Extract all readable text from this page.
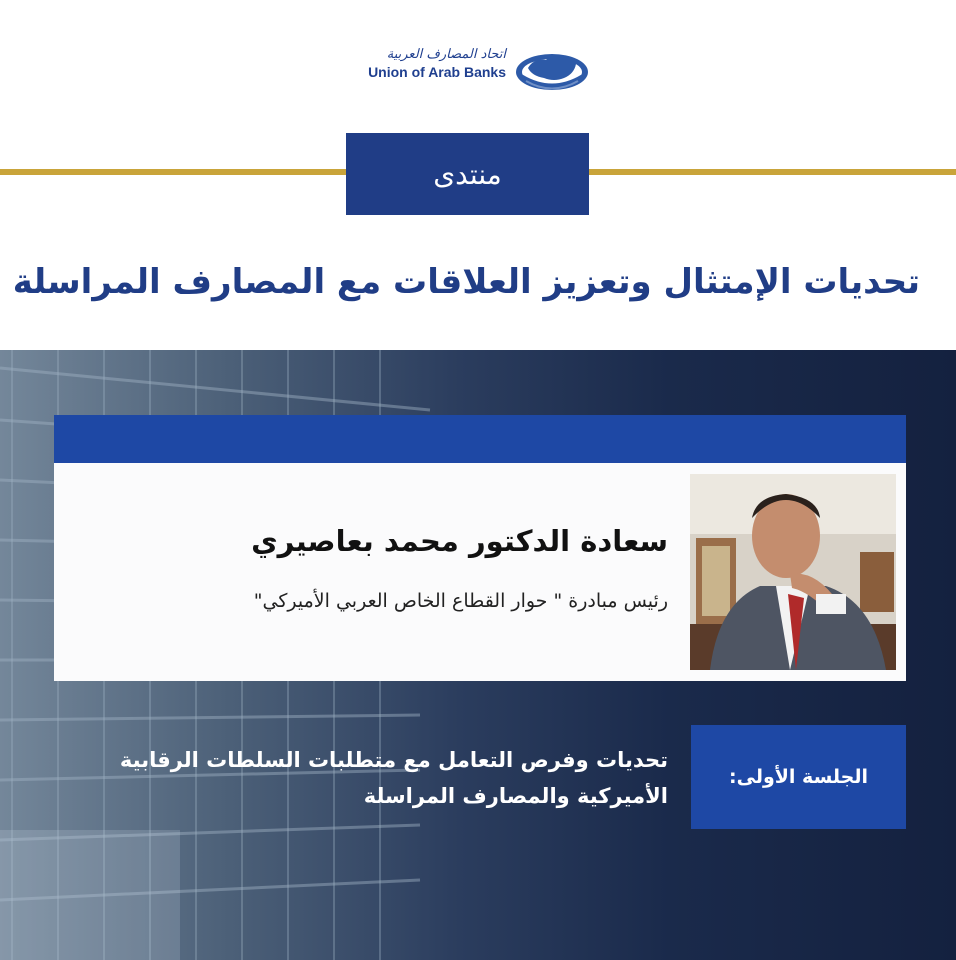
اتحاد المصارف العربية
Union of Arab Banks
منتدى
تحديات الإمتثال وتعزيز العلاقات مع المصارف المراسلة
سعادة الدكتور محمد بعاصيري
رئيس مبادرة " حوار القطاع الخاص العربي الأميركي"
الجلسة الأولى:
تحديات وفرص التعامل مع متطلبات السلطات الرقابية
الأميركية والمصارف المراسلة
